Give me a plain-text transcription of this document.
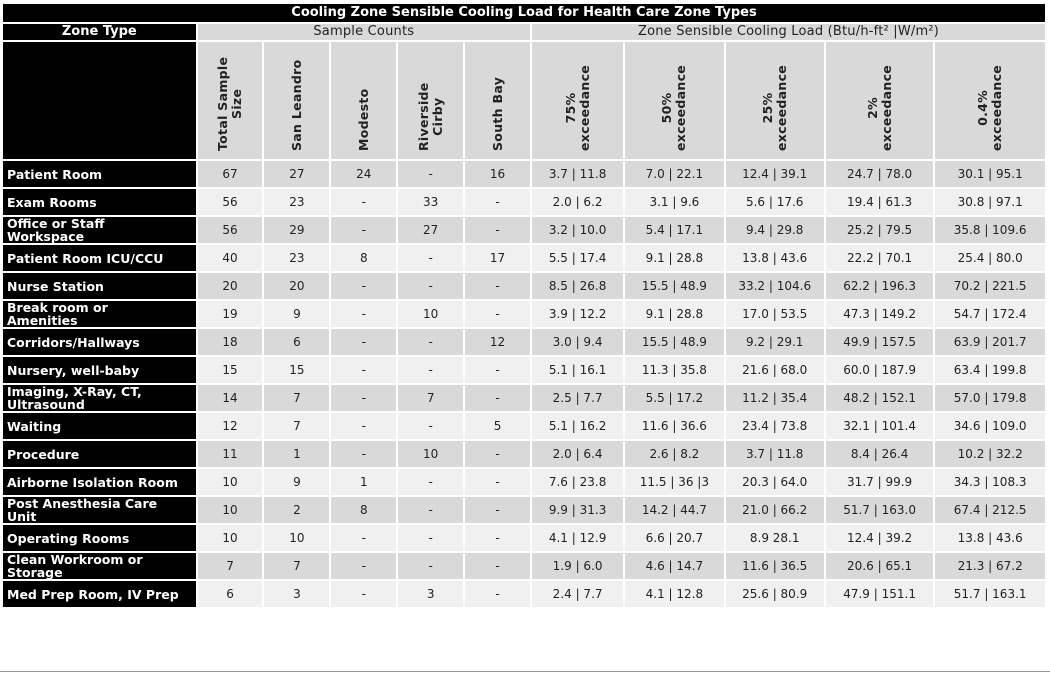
Cooling Zone Sensible Cooling Load for Health Care Zone Types										
Zone Type	Sample Counts					Zone Sensible Cooling Load (Btu/h-ft² |W/m²)				

	Total Sample Size	San Leandro	Modesto	Riverside Cirby	South Bay	75% exceedance	50% exceedance	25% exceedance	2% exceedance	0.4% exceedance

Patient Room	67	27	24	-	16	3.7 | 11.8	7.0 | 22.1	12.4 | 39.1	24.7 | 78.0	30.1 | 95.1

Exam Rooms	56	23	-	33	-	2.0 | 6.2	3.1 | 9.6	5.6 | 17.6	19.4 | 61.3	30.8 | 97.1

Office or Staff
Workspace	56	29	-	27	-	3.2 | 10.0	5.4 | 17.1	9.4 | 29.8	25.2 | 79.5	35.8 | 109.6

Patient Room ICU/CCU	40	23	8	-	17	5.5 | 17.4	9.1 | 28.8	13.8 | 43.6	22.2 | 70.1	25.4 | 80.0

Nurse Station	20	20	-	-	-	8.5 | 26.8	15.5 | 48.9	33.2 | 104.6	62.2 | 196.3	70.2 | 221.5

Break room or
Amenities	19	9	-	10	-	3.9 | 12.2	9.1 | 28.8	17.0 | 53.5	47.3 | 149.2	54.7 | 172.4

Corridors/Hallways	18	6	-	-	12	3.0 | 9.4	15.5 | 48.9	9.2 | 29.1	49.9 | 157.5	63.9 | 201.7

Nursery, well-baby	15	15	-	-	-	5.1 | 16.1	11.3 | 35.8	21.6 | 68.0	60.0 | 187.9	63.4 | 199.8

Imaging, X-Ray, CT,
Ultrasound	14	7	-	7	-	2.5 | 7.7	5.5 | 17.2	11.2 | 35.4	48.2 | 152.1	57.0 | 179.8

Waiting	12	7	-	-	5	5.1 | 16.2	11.6 | 36.6	23.4 | 73.8	32.1 | 101.4	34.6 | 109.0

Procedure	11	1	-	10	-	2.0 | 6.4	2.6 | 8.2	3.7 | 11.8	8.4 | 26.4	10.2 | 32.2

Airborne Isolation Room	10	9	1	-	-	7.6 | 23.8	11.5 | 36 |3	20.3 | 64.0	31.7 | 99.9	34.3 | 108.3

Post Anesthesia Care
Unit	10	2	8	-	-	9.9 | 31.3	14.2 | 44.7	21.0 | 66.2	51.7 | 163.0	67.4 | 212.5

Operating Rooms	10	10	-	-	-	4.1 | 12.9	6.6 | 20.7	8.9 28.1	12.4 | 39.2	13.8 | 43.6

Clean Workroom or
Storage	7	7	-	-	-	1.9 | 6.0	4.6 | 14.7	11.6 | 36.5	20.6 | 65.1	21.3 | 67.2

Med Prep Room, IV Prep	6	3	-	3	-	2.4 | 7.7	4.1 | 12.8	25.6 | 80.9	47.9 | 151.1	51.7 | 163.1
